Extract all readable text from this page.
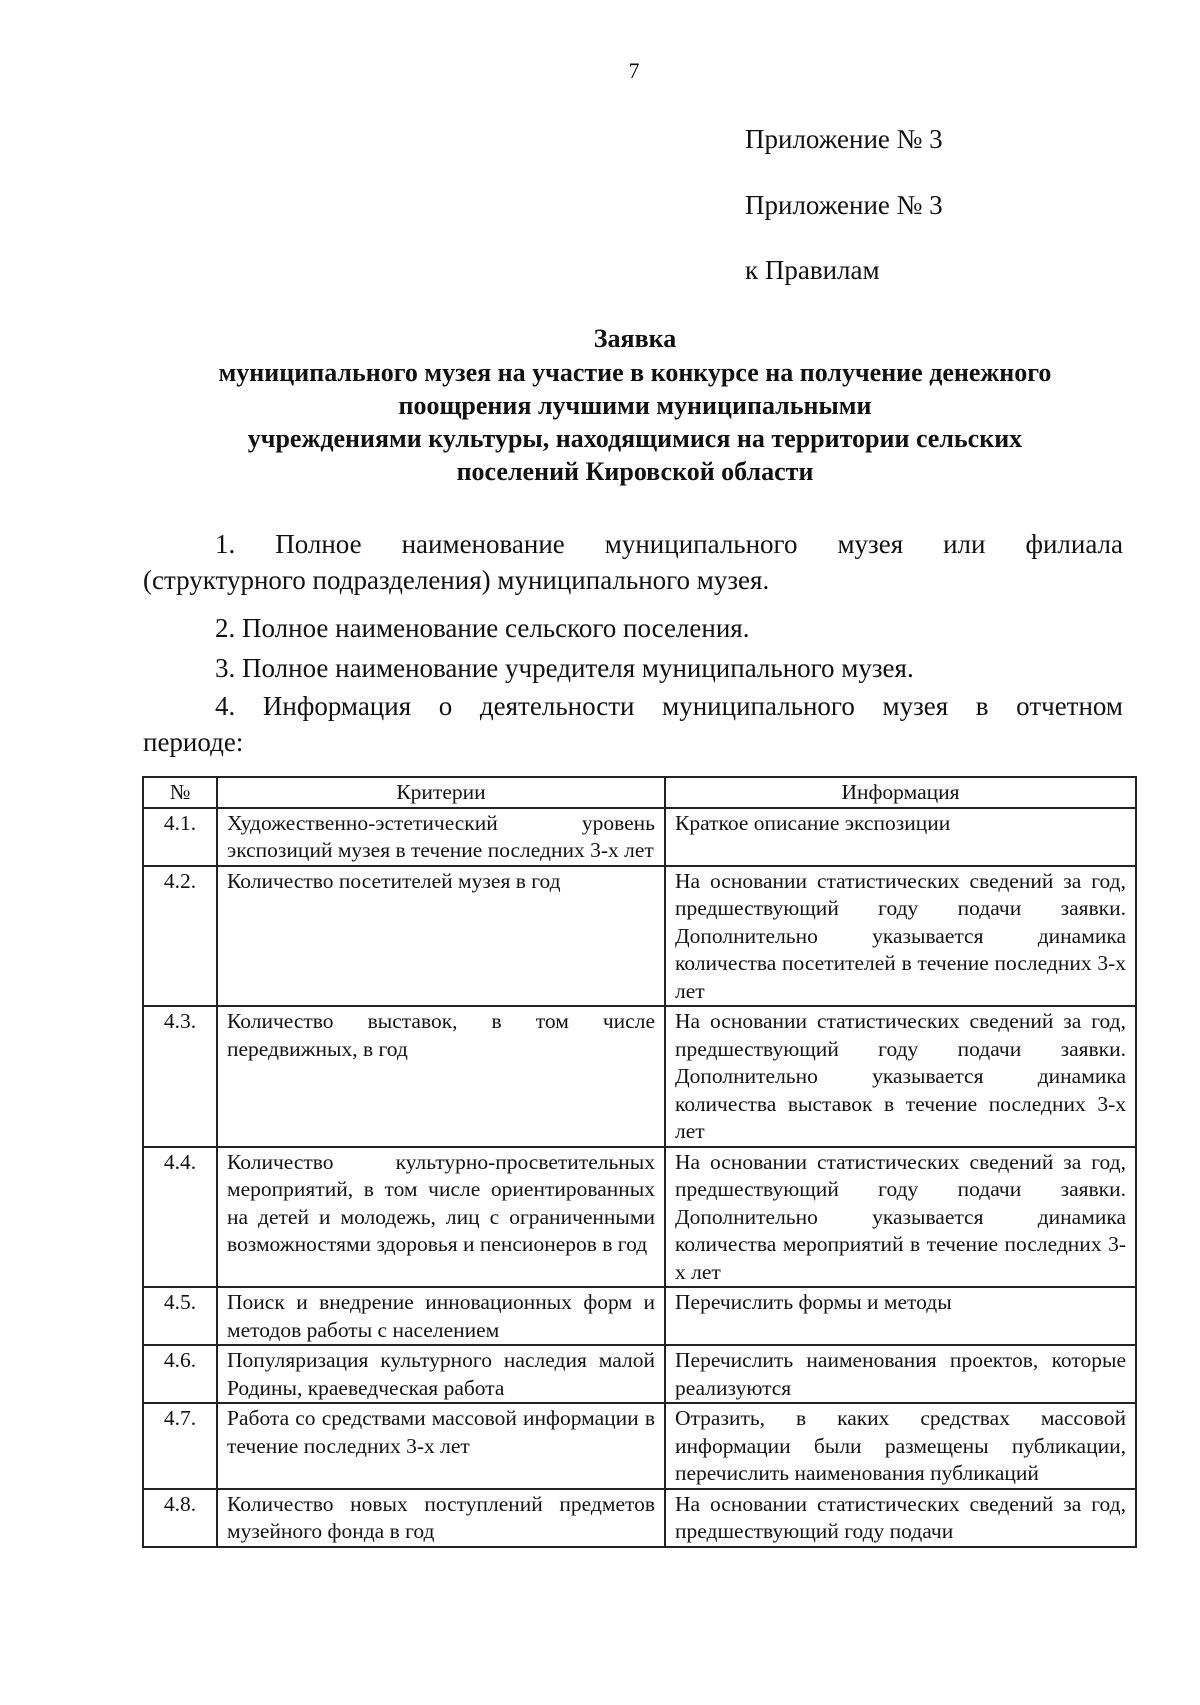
7
Приложение № 3
Приложение № 3
к Правилам
Заявка
муниципального музея на участие в конкурсе на получение денежного
поощрения лучшими муниципальными
учреждениями культуры, находящимися на территории сельских
поселений Кировской области
1. Полное наименование муниципального музея или филиала
(структурного подразделения) муниципального музея.
2. Полное наименование сельского поселения.
3. Полное наименование учредителя муниципального музея.
4. Информация о деятельности муниципального музея в отчетном
периоде:
№	Критерии	Информация
4.1.	Художественно-эстетический уровень экспозиций музея в течение последних 3-х лет	Краткое описание экспозиции
4.2.	Количество посетителей музея в год	На основании статистических сведений за год, предшествующий году подачи заявки. Дополнительно указывается динамика количества посетителей в течение последних 3-х лет
4.3.	Количество выставок, в том числе передвижных, в год	На основании статистических сведений за год, предшествующий году подачи заявки. Дополнительно указывается динамика количества выставок в течение последних 3-х лет
4.4.	Количество культурно-просветительных мероприятий, в том числе ориентированных на детей и молодежь, лиц с ограниченными возможностями здоровья и пенсионеров в год	На основании статистических сведений за год, предшествующий году подачи заявки. Дополнительно указывается динамика количества мероприятий в течение последних 3-х лет
4.5.	Поиск и внедрение инновационных форм и методов работы с населением	Перечислить формы и методы
4.6.	Популяризация культурного наследия малой Родины, краеведческая работа	Перечислить наименования проектов, которые реализуются
4.7.	Работа со средствами массовой информации в течение последних 3-х лет	Отразить, в каких средствах массовой информации были размещены публикации, перечислить наименования публикаций
4.8.	Количество новых поступлений предметов музейного фонда в год	На основании статистических сведений за год, предшествующий году подачи
